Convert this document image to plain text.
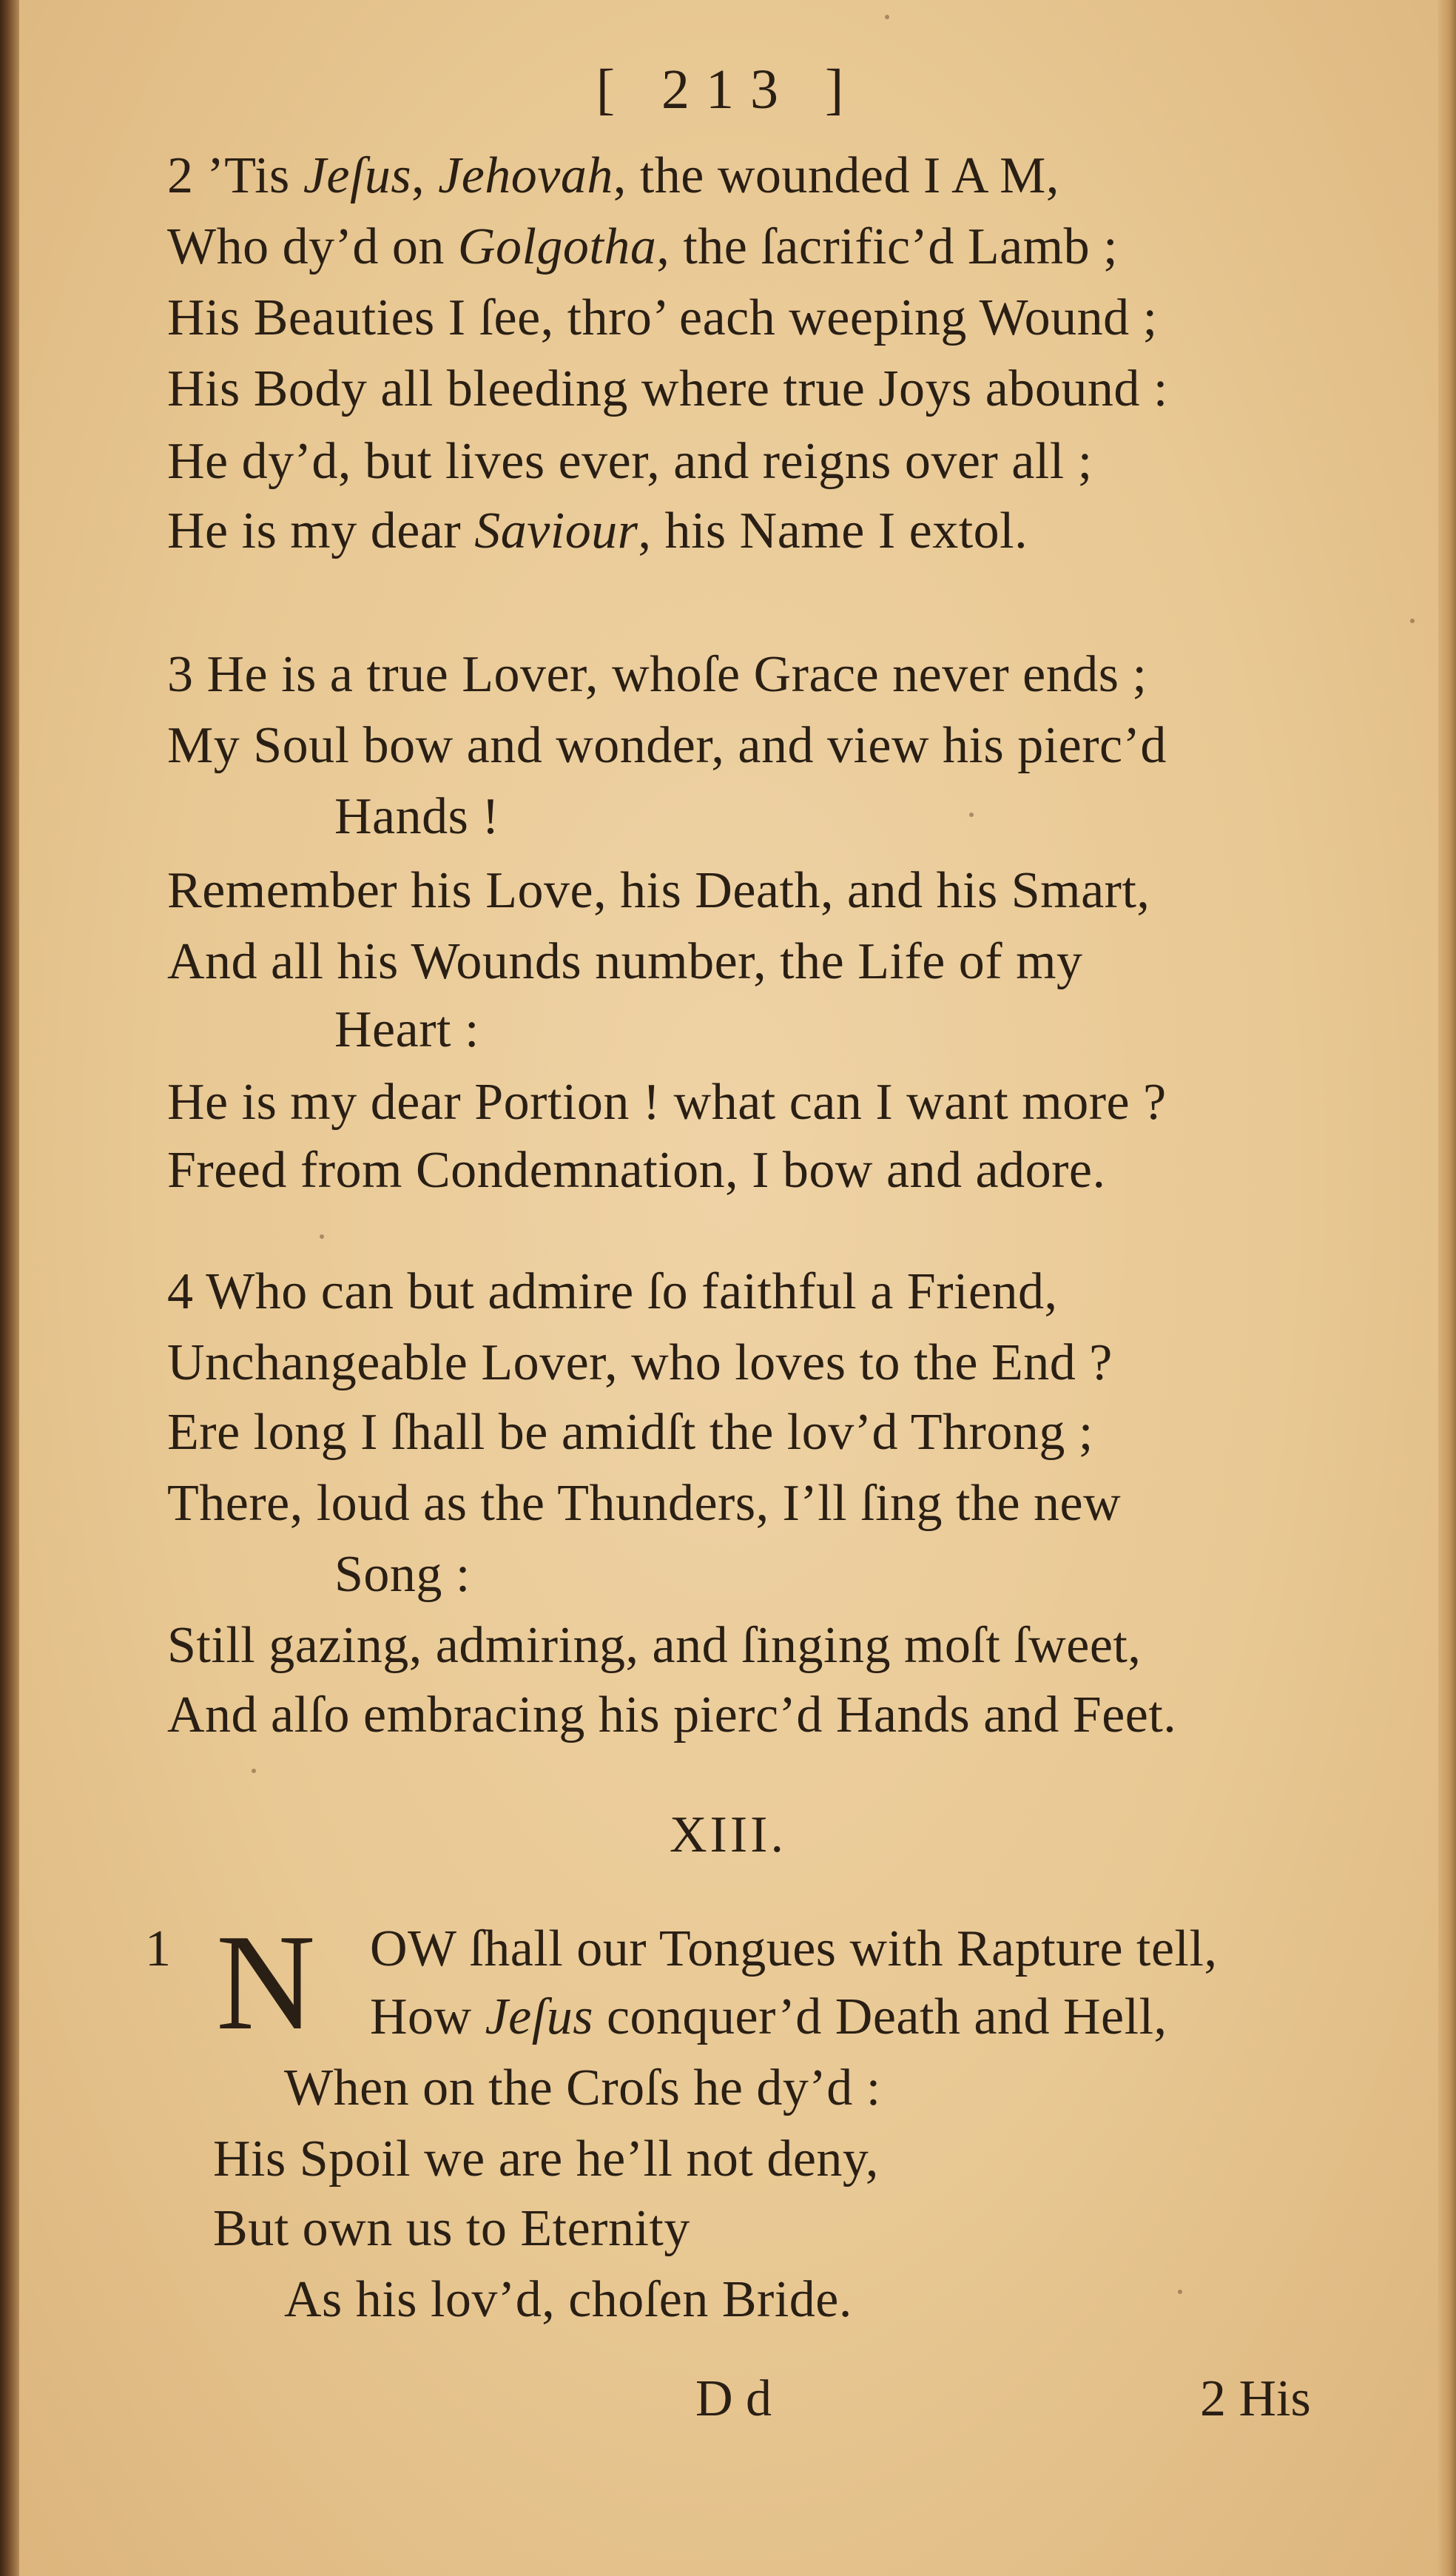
[ 213 ]
2 ’Tis Jeſus, Jehovah, the wounded I A M,
Who dy’d on Golgotha, the ſacrific’d Lamb ;
His Beauties I ſee, thro’ each weeping Wound ;
His Body all bleeding where true Joys abound :
He dy’d, but lives ever, and reigns over all ;
He is my dear Saviour, his Name I extol.
3 He is a true Lover, whoſe Grace never ends ;
My Soul bow and wonder, and view his pierc’d
Hands !
Remember his Love, his Death, and his Smart,
And all his Wounds number, the Life of my
Heart :
He is my dear Portion ! what can I want more ?
Freed from Condemnation, I bow and adore.
4 Who can but admire ſo faithful a Friend,
Unchangeable Lover, who loves to the End ?
Ere long I ſhall be amidſt the lov’d Throng ;
There, loud as the Thunders, I’ll ſing the new
Song :
Still gazing, admiring, and ſinging moſt ſweet,
And alſo embracing his pierc’d Hands and Feet.
XIII.
1 N OW ſhall our Tongues with Rapture tell,
How Jeſus conquer’d Death and Hell,
When on the Croſs he dy’d :
His Spoil we are he’ll not deny,
But own us to Eternity
As his lov’d, choſen Bride.
D d	2 His
